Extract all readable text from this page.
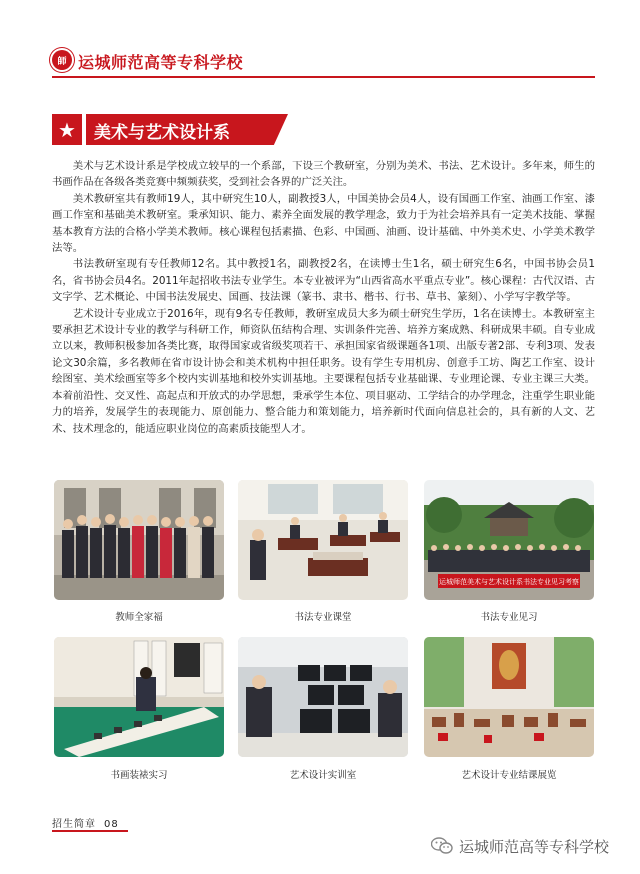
師 运城师范高等专科学校
★	美术与艺术设计系

美术与艺术设计系是学校成立较早的一个系部，下设三个教研室，分别为美术、书法、艺术设计。多年来，师生的书画作品在各级各类竞赛中频频获奖，受到社会各界的广泛关注。

美术教研室共有教师19人，其中研究生10人，副教授3人，中国美协会员4人，设有国画工作室、油画工作室、漆画工作室和基础美术教研室。秉承知识、能力、素养全面发展的教学理念，致力于为社会培养具有一定美术技能、掌握基本教育方法的合格小学美术教师。核心课程包括素描、色彩、中国画、油画、设计基础、中外美术史、小学美术教学法等。

书法教研室现有专任教师12名。其中教授1名，副教授2名，在读博士生1名，硕士研究生6名，中国书协会员1名，省书协会员4名。2011年起招收书法专业学生。本专业被评为“山西省高水平重点专业”。核心课程：古代汉语、古文字学、艺术概论、中国书法发展史、国画、技法课（篆书、隶书、楷书、行书、草书、篆刻）、小学写字教学等。

艺术设计专业成立于2016年，现有9名专任教师，教研室成员大多为硕士研究生学历，1名在读博士。本教研室主要承担艺术设计专业的教学与科研工作，师资队伍结构合理、实训条件完善、培养方案成熟、科研成果丰硕。自专业成立以来，教师积极参加各类比赛，取得国家或省级奖项若干、承担国家省级课题各1项、出版专著2部、专利3项、发表论文30余篇，多名教师在省市设计协会和美术机构中担任职务。设有学生专用机房、创意手工坊、陶艺工作室、设计绘图室、美术绘画室等多个校内实训基地和校外实训基地。主要课程包括专业基础课、专业理论课、专业主课三大类。本着前沿性、交叉性、高起点和开放式的办学思想，秉承学生本位、项目驱动、工学结合的办学理念，注重学生职业能力的培养，发展学生的表现能力、原创能力、整合能力和策划能力，培养新时代面向信息社会的，具有新的人文、艺术、技术理念的，能适应职业岗位的高素质技能型人才。

教师全家福	书法专业课堂
运城师范美术与艺术设计系书法专业见习考察
书法专业见习
书画装裱实习	艺术设计实训室	艺术设计专业结课展览
招生简章 08
运城师范高等专科学校
